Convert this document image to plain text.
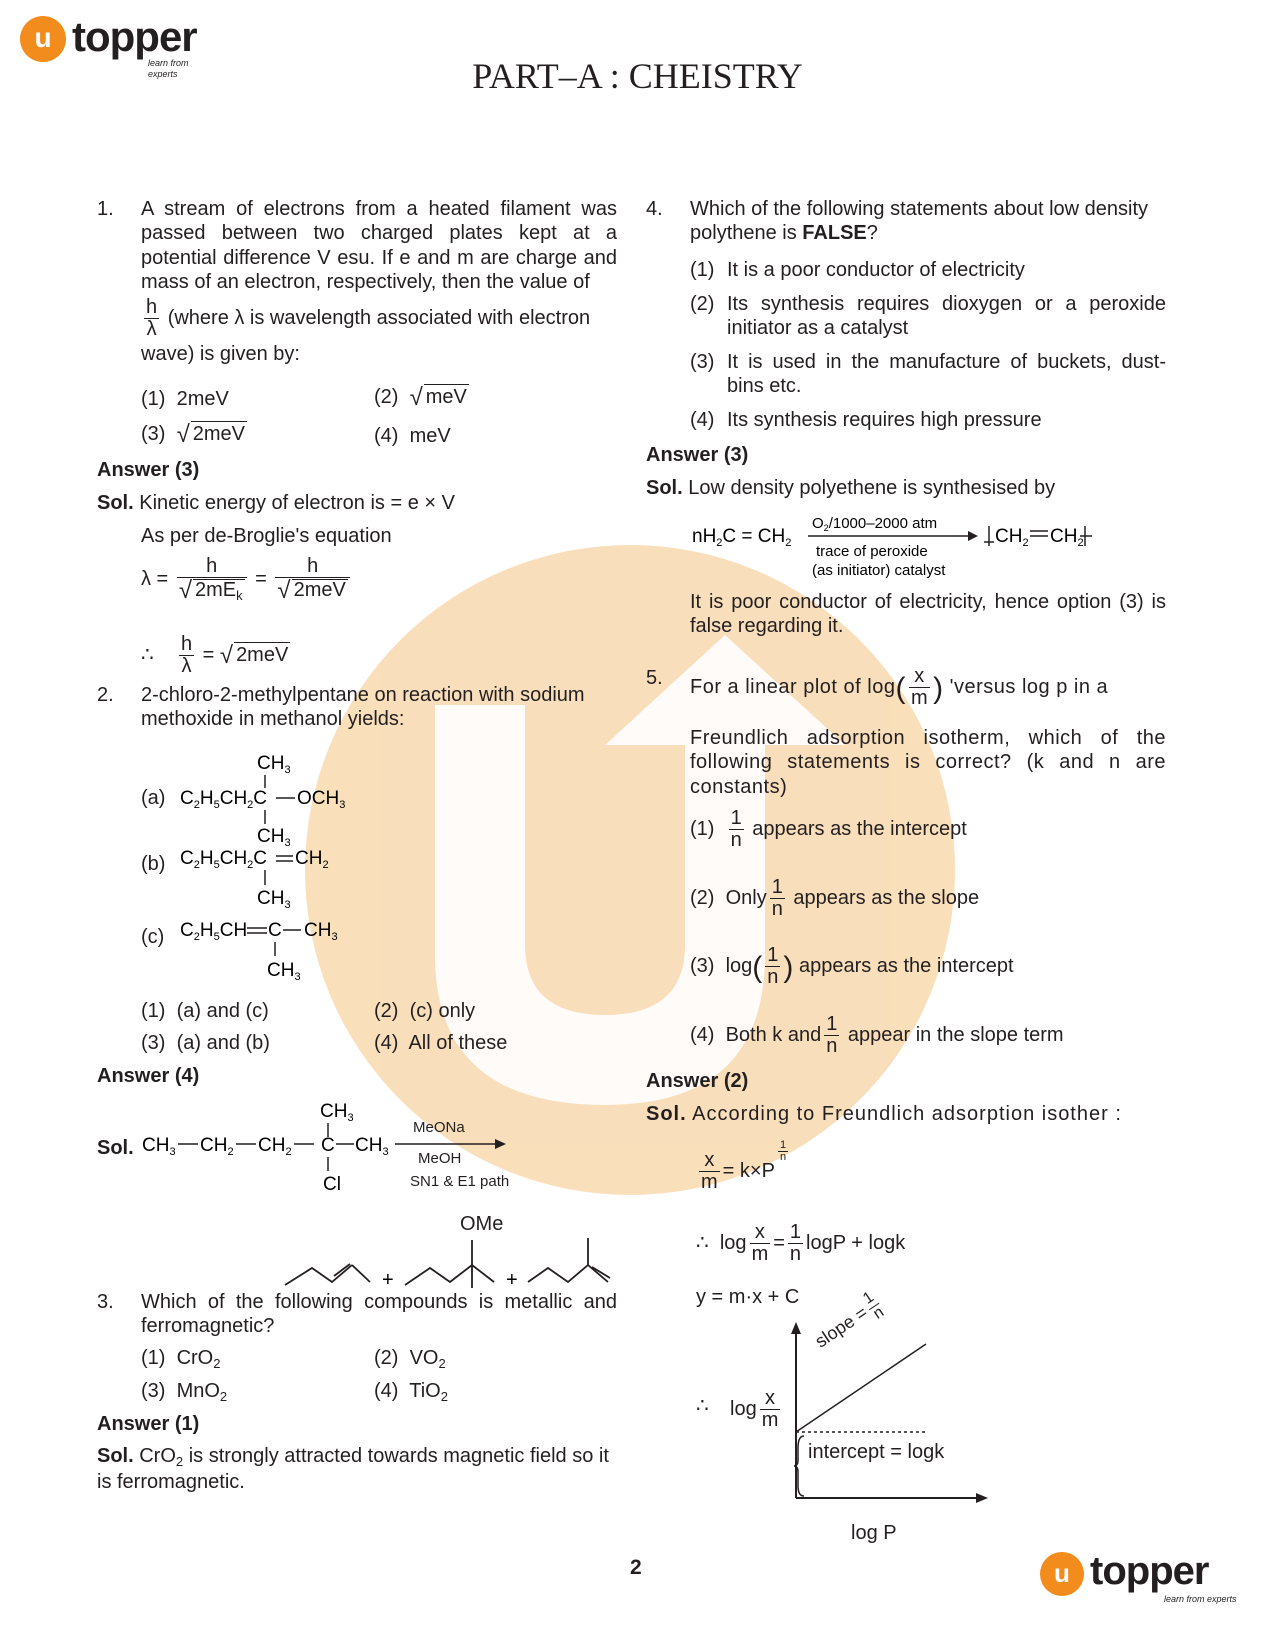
u topper
learn from experts	PART–A : CHEISTRY
1. A stream of electrons from a heated filament was passed between two charged plates kept at a potential difference V esu. If e and m are charge and mass of an electron, respectively, then the value of
$\frac{h}{\lambda}$ (where λ is wavelength associated with electron
wave) is given by:
(1) 2meV	(2) √ meV
(3) √ 2meV	(4) meV
Answer (3)
Sol. Kinetic energy of electron is = e × V
As per de-Broglie's equation
$\lambda = \frac{h}{√ 2mE_k} = \frac{h}{\text{√ 2meV}}$
∴ $\frac{h}{\lambda}$ = √ 2meV
2. 2-chloro-2-methylpentane on reaction with sodium methoxide in methanol yields:
(a)
$CH_3$
$C_2H_5CH_2C$ $OCH_3$
$CH_3$
(b) $C_2H_5CH_2C$ $CH_2$
$CH_3$
(c) $C_2H_5CH$ C $CH_3$
$CH_3$
(1) (a) and (c)	(2) (c) only
(3) (a) and (b)	(4) All of these
Answer (4)
Sol.
$CH_3$
$CH_3$ $CH_2$ $CH_2$ C $CH_3$
Cl
MeONa
MeOH
SN1 & E1 path
OMe
+	+
3. Which of the following compounds is metallic and ferromagnetic?
(1) CrO$_2$	(2) $VO_2$
(3) MnO$_2$	(4) TiO$_2$
Answer (1)
Sol. CrO$_2$ is strongly attracted towards magnetic field so it is ferromagnetic.
4. Which of the following statements about low density polythene is FALSE?
(1) It is a poor conductor of electricity
(2) Its synthesis requires dioxygen or a peroxide initiator as a catalyst
(3) It is used in the manufacture of buckets, dust-bins etc.
(4) Its synthesis requires high pressure
Answer (3)
Sol. Low density polyethene is synthesised by
$nH_2C = CH_2$
$O_2/1000-2000$ atm
trace of peroxide
(as initiator) catalyst
$CH_2$ $CH_2$
It is poor conductor of electricity, hence option (3) is false regarding it.
5. For a linear plot of $\log( \frac{x}{m}$ ) 'versus log p in a
Freundlich adsorption isotherm, which of the following statements is correct? (k and n are constants)
$(1) \frac{1}{n}$ appears as the intercept
(2) Only $\frac{1}{n}$ appears as the slope
(3) $\log( \frac{1}{n}$ ) appears as the intercept
(4) Both k and $\frac{1}{n}$ appear in the slope term
Answer (2)
Sol. According to Freundlich adsorption isother :
$\frac{x}{m} = k\times P$
$^{\frac{1}{n}}$
∴ $\log \frac{x}{m} = \frac{1}{n}$ logP + logk
y = m·x + C
∴ $\log \frac{x}{m}$
slope =
1
n
intercept = logk
log P
2	u topper
learn from experts
